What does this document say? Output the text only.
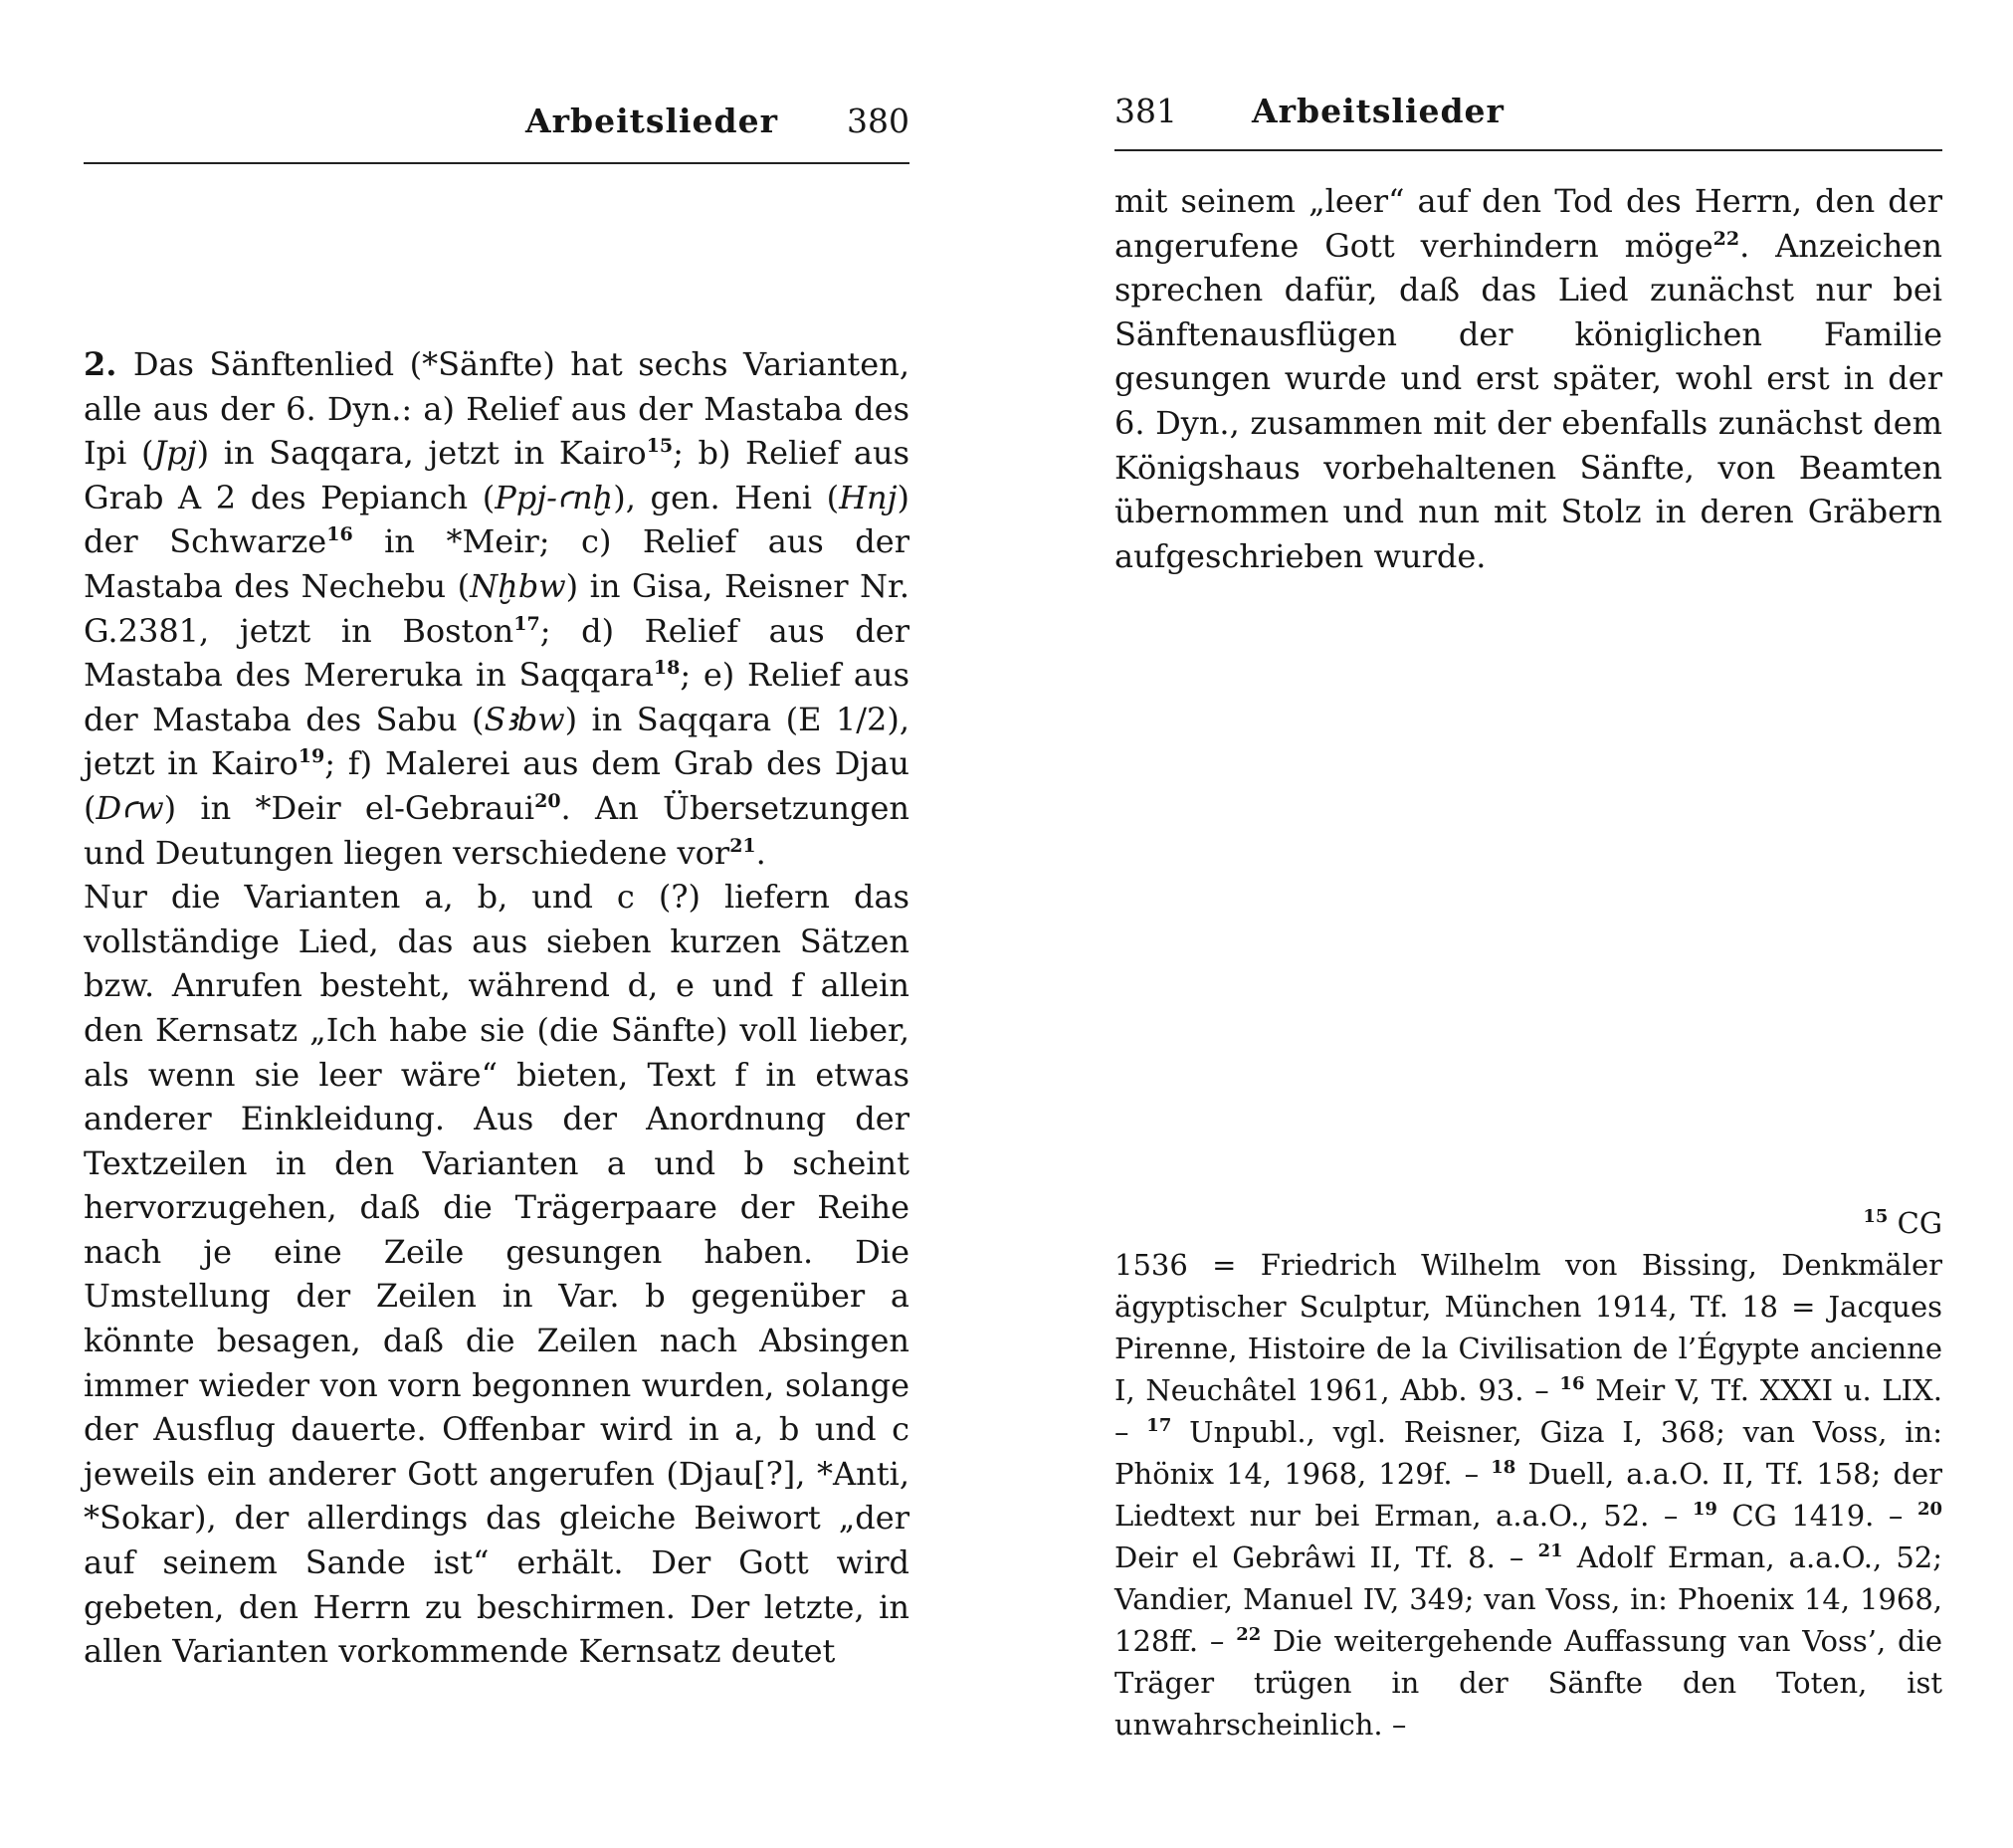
Arbeitslieder 380

2. Das Sänftenlied (*Sänfte) hat sechs Varianten, alle aus der 6. Dyn.: a) Relief aus der Mastaba des Ipi (Jpj) in Saqqara, jetzt in Kairo$^{15}$; b) Relief aus Grab A 2 des Pepianch (Ppj-ꜥnḫ), gen. Heni (Hnj) der Schwarze$^{16}$ in *Meir; c) Relief aus der Mastaba des Nechebu (Nḫbw) in Gisa, Reisner Nr. G.2381, jetzt in Boston$^{17}$; d) Relief aus der Mastaba des Mereruka in Saqqara$^{18}$; e) Relief aus der Mastaba des Sabu (Sꜣbw) in Saqqara (E 1/2), jetzt in Kairo$^{19}$; f) Malerei aus dem Grab des Djau (Dꜥw) in *Deir el-Gebraui$^{20}$. An Übersetzungen und Deutungen liegen verschiedene vor$^{21}$.

Nur die Varianten a, b, und c (?) liefern das vollständige Lied, das aus sieben kurzen Sätzen bzw. Anrufen besteht, während d, e und f allein den Kernsatz „Ich habe sie (die Sänfte) voll lieber, als wenn sie leer wäre“ bieten, Text f in etwas anderer Einkleidung. Aus der Anordnung der Textzeilen in den Varianten a und b scheint hervorzugehen, daß die Trägerpaare der Reihe nach je eine Zeile gesungen haben. Die Umstellung der Zeilen in Var. b gegenüber a könnte besagen, daß die Zeilen nach Absingen immer wieder von vorn begonnen wurden, solange der Ausflug dauerte. Offenbar wird in a, b und c jeweils ein anderer Gott angerufen (Djau[?], *Anti, *Sokar), der allerdings das gleiche Beiwort „der auf seinem Sande ist“ erhält. Der Gott wird gebeten, den Herrn zu beschirmen. Der letzte, in allen Varianten vorkommende Kernsatz deutet

381 Arbeitslieder

mit seinem „leer“ auf den Tod des Herrn, den der angerufene Gott verhindern möge$^{22}$. Anzeichen sprechen dafür, daß das Lied zunächst nur bei Sänftenausflügen der königlichen Familie gesungen wurde und erst später, wohl erst in der 6. Dyn., zusammen mit der ebenfalls zunächst dem Königshaus vorbehaltenen Sänfte, von Beamten übernommen und nun mit Stolz in deren Gräbern aufgeschrieben wurde.

$^{15}$ CG
1536 = Friedrich Wilhelm von Bissing, Denkmäler ägyptischer Sculptur, München 1914, Tf. 18 = Jacques Pirenne, Histoire de la Civilisation de l’Égypte ancienne I, Neuchâtel 1961, Abb. 93. – $^{16}$ Meir V, Tf. XXXI u. LIX. – $^{17}$ Unpubl., vgl. Reisner, Giza I, 368; van Voss, in: Phönix 14, 1968, 129f. – $^{18}$ Duell, a.a.O. II, Tf. 158; der Liedtext nur bei Erman, a.a.O., 52. – $^{19}$ CG 1419. – $^{20}$ Deir el Gebrâwi II, Tf. 8. – $^{21}$ Adolf Erman, a.a.O., 52; Vandier, Manuel IV, 349; van Voss, in: Phoenix 14, 1968, 128ff. – $^{22}$ Die weitergehende Auffassung van Voss’, die Träger trügen in der Sänfte den Toten, ist unwahrscheinlich. –
